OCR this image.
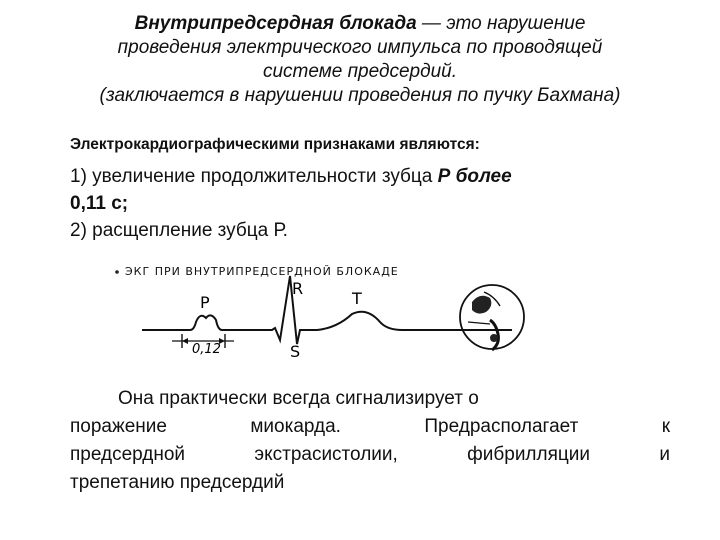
Внутрипредсердная блокада — это нарушение
проведения электрического импульса по проводящей
системе предсердий.
(заключается в нарушении проведения по пучку Бахмана)
Электрокардиографическими признаками являются:
1) увеличение продолжительности зубца Р более
0,11 с;
2) расщепление зубца Р.
ЭКГ ПРИ ВНУТРИПРЕДСЕРДНОЙ БЛОКАДЕ
0,12
P
R
T
S
Она практически всегда сигнализирует о
поражение	миокарда.	Предрасполагает	к
предсердной	экстрасистолии,	фибрилляции	и
трепетанию предсердий
